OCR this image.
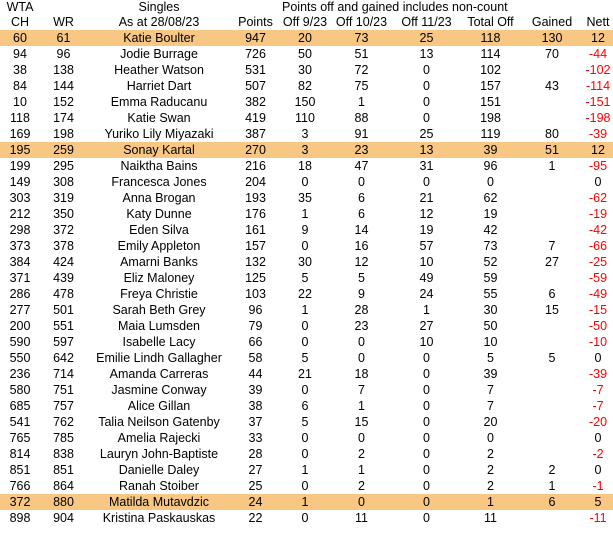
WTA		Singles		Points off and gained includes non-count					
CH	WR	As at 28/08/23	Points	Off 9/23	Off 10/23	Off 11/23	Total Off	Gained	Nett
60	61	Katie Boulter	947	20	73	25	118	130	12
94	96	Jodie Burrage	726	50	51	13	114	70	-44
38	138	Heather Watson	531	30	72	0	102		-102
84	144	Harriet Dart	507	82	75	0	157	43	-114
10	152	Emma Raducanu	382	150	1	0	151		-151
118	174	Katie Swan	419	110	88	0	198		-198
169	198	Yuriko Lily Miyazaki	387	3	91	25	119	80	-39
195	259	Sonay Kartal	270	3	23	13	39	51	12
199	295	Naiktha Bains	216	18	47	31	96	1	-95
149	308	Francesca Jones	204	0	0	0	0		0
303	319	Anna Brogan	193	35	6	21	62		-62
212	350	Katy Dunne	176	1	6	12	19		-19
298	372	Eden Silva	161	9	14	19	42		-42
373	378	Emily Appleton	157	0	16	57	73	7	-66
384	424	Amarni Banks	132	30	12	10	52	27	-25
371	439	Eliz Maloney	125	5	5	49	59		-59
286	478	Freya Christie	103	22	9	24	55	6	-49
277	501	Sarah Beth Grey	96	1	28	1	30	15	-15
200	551	Maia Lumsden	79	0	23	27	50		-50
590	597	Isabelle Lacy	66	0	0	10	10		-10
550	642	Emilie Lindh Gallagher	58	5	0	0	5	5	0
236	714	Amanda Carreras	44	21	18	0	39		-39
580	751	Jasmine Conway	39	0	7	0	7		-7
685	757	Alice Gillan	38	6	1	0	7		-7
541	762	Talia Neilson Gatenby	37	5	15	0	20		-20
765	785	Amelia Rajecki	33	0	0	0	0		0
814	838	Lauryn John-Baptiste	28	0	2	0	2		-2
851	851	Danielle Daley	27	1	1	0	2	2	0
766	864	Ranah Stoiber	25	0	2	0	2	1	-1
372	880	Matilda Mutavdzic	24	1	0	0	1	6	5
898	904	Kristina Paskauskas	22	0	11	0	11		-11
